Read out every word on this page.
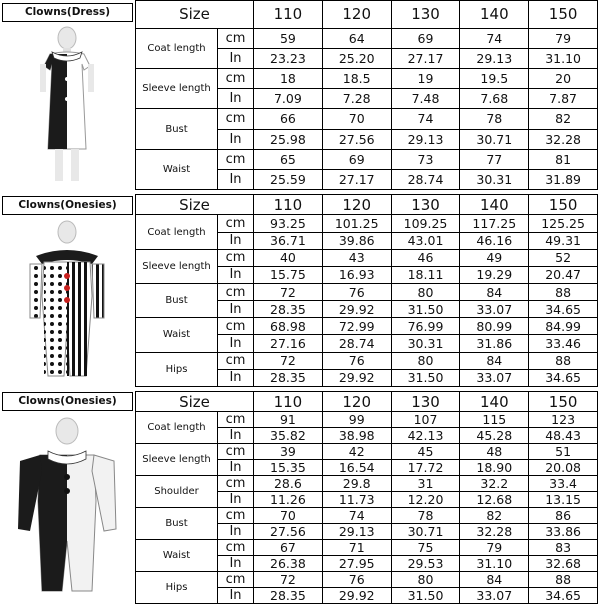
Clowns(Dress)	Size		110	120	130	140	150
Coat length	cm	59	64	69	74	79
	In	23.23	25.20	27.17	29.13	31.10
Sleeve length	cm	18	18.5	19	19.5	20
	In	7.09	7.28	7.48	7.68	7.87
Bust	cm	66	70	74	78	82
	In	25.98	27.56	29.13	30.71	32.28
Waist	cm	65	69	73	77	81
	In	25.59	27.17	28.74	30.31	31.89
Clowns(Onesies)	Size		110	120	130	140	150
Coat length	cm	93.25	101.25	109.25	117.25	125.25
	In	36.71	39.86	43.01	46.16	49.31
Sleeve length	cm	40	43	46	49	52
	In	15.75	16.93	18.11	19.29	20.47
Bust	cm	72	76	80	84	88
	In	28.35	29.92	31.50	33.07	34.65
Waist	cm	68.98	72.99	76.99	80.99	84.99
	In	27.16	28.74	30.31	31.86	33.46
Hips	cm	72	76	80	84	88
	In	28.35	29.92	31.50	33.07	34.65
Clowns(Onesies)	Size		110	120	130	140	150
Coat length	cm	91	99	107	115	123
	In	35.82	38.98	42.13	45.28	48.43
Sleeve length	cm	39	42	45	48	51
	In	15.35	16.54	17.72	18.90	20.08
Shoulder	cm	28.6	29.8	31	32.2	33.4
	In	11.26	11.73	12.20	12.68	13.15
Bust	cm	70	74	78	82	86
	In	27.56	29.13	30.71	32.28	33.86
Waist	cm	67	71	75	79	83
	In	26.38	27.95	29.53	31.10	32.68
Hips	cm	72	76	80	84	88
	In	28.35	29.92	31.50	33.07	34.65
